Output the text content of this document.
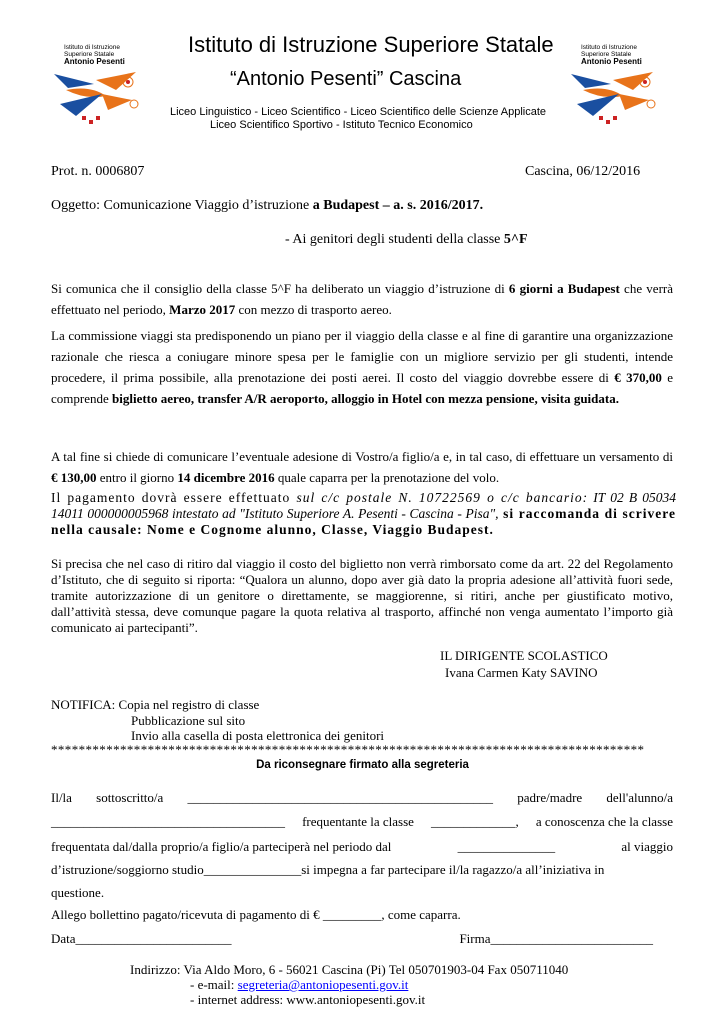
Istituto di Istruzione
Superiore Statale
Antonio Pesenti
Istituto di Istruzione
Superiore Statale
Antonio Pesenti
Istituto di Istruzione Superiore Statale
“Antonio Pesenti” Cascina
Liceo Linguistico - Liceo Scientifico - Liceo Scientifico delle Scienze Applicate
Liceo Scientifico Sportivo - Istituto Tecnico Economico
Prot. n. 0006807	Cascina, 06/12/2016
Oggetto: Comunicazione Viaggio d’istruzione a Budapest – a. s. 2016/2017.
- Ai genitori degli studenti della classe 5^F
Si comunica che il consiglio della classe 5^F ha deliberato un viaggio d’istruzione di 6 giorni a Budapest che verrà effettuato nel periodo, Marzo 2017 con mezzo di trasporto aereo.
La commissione viaggi sta predisponendo un piano per il viaggio della classe e al fine di garantire una organizzazione razionale che riesca a coniugare minore spesa per le famiglie con un migliore servizio per gli studenti, intende procedere, il prima possibile, alla prenotazione dei posti aerei. Il costo del viaggio dovrebbe essere di € 370,00 e comprende biglietto aereo, transfer A/R aeroporto, alloggio in Hotel con mezza pensione, visita guidata.
A tal fine si chiede di comunicare l’eventuale adesione di Vostro/a figlio/a e, in tal caso, di effettuare un versamento di € 130,00 entro il giorno 14 dicembre 2016 quale caparra per la prenotazione del volo.
Il pagamento dovrà essere effettuato sul c/c postale N. 10722569 o c/c bancario: IT 02 B 05034 14011 000000005968 intestato ad "Istituto Superiore A. Pesenti - Cascina - Pisa", si raccomanda di scrivere nella causale: Nome e Cognome alunno, Classe, Viaggio Budapest.
Si precisa che nel caso di ritiro dal viaggio il costo del biglietto non verrà rimborsato come da art. 22 del Regolamento d’Istituto, che di seguito si riporta: “Qualora un alunno, dopo aver già dato la propria adesione all’attività fuori sede, tramite autorizzazione di un genitore o direttamente, se maggiorenne, si ritiri, anche per giustificato motivo, dall’attività stessa, deve comunque pagare la quota relativa al trasporto, affinché non venga aumentato l’importo già comunicato ai partecipanti”.
IL DIRIGENTE SCOLASTICO
Ivana Carmen Katy SAVINO
NOTIFICA: Copia nel registro di classe
Pubblicazione sul sito
Invio alla casella di posta elettronica dei genitori
**************************************************************************************
Da riconsegnare firmato alla segreteria
Il/la sottoscritto/a _______________________________________________ padre/madre dell'alunno/a
____________________________________ frequentante la classe _____________, a conoscenza che la classe
frequentata dal/dalla proprio/a figlio/a parteciperà nel periodo dal	_______________	al viaggio
d’istruzione/soggiorno studio_______________si impegna a far partecipare il/la ragazzo/a all’iniziativa in
questione.
Allego bollettino pagato/ricevuta di pagamento di € _________, come caparra.
Data________________________	Firma_________________________
Indirizzo: Via Aldo Moro, 6 - 56021 Cascina (Pi) Tel 050701903-04 Fax 050711040
- e-mail: segreteria@antoniopesenti.gov.it
- internet address: www.antoniopesenti.gov.it
